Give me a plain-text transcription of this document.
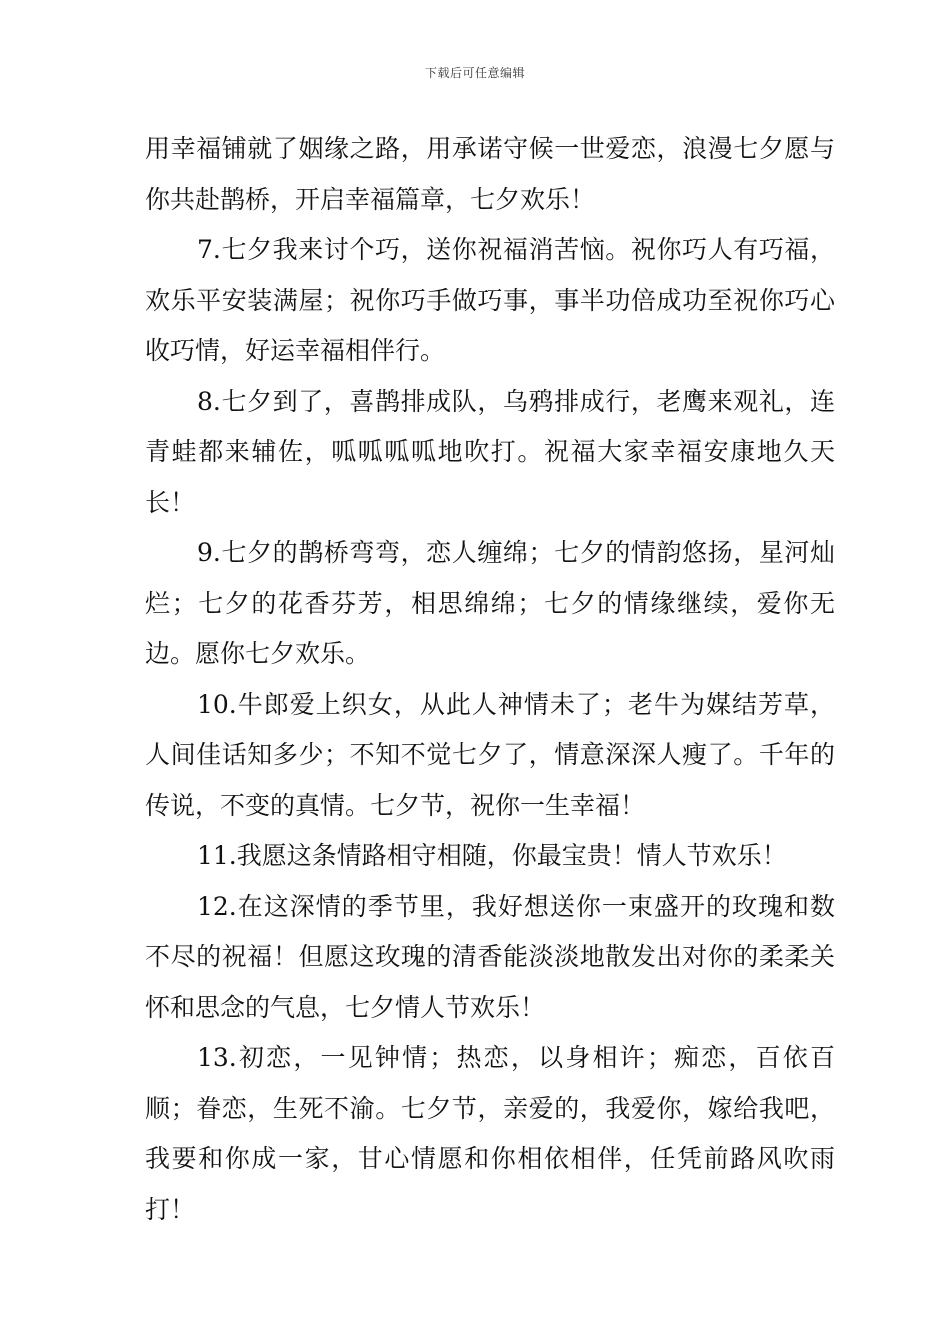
下载后可任意编辑

用幸福铺就了姻缘之路，用承诺守候一世爱恋，浪漫七夕愿与你共赴鹊桥，开启幸福篇章，七夕欢乐！

7.七夕我来讨个巧，送你祝福消苦恼。祝你巧人有巧福，欢乐平安装满屋；祝你巧手做巧事，事半功倍成功至祝你巧心收巧情，好运幸福相伴行。

8.七夕到了，喜鹊排成队，乌鸦排成行，老鹰来观礼，连青蛙都来辅佐，呱呱呱呱地吹打。祝福大家幸福安康地久天长！

9.七夕的鹊桥弯弯，恋人缠绵；七夕的情韵悠扬，星河灿烂；七夕的花香芬芳，相思绵绵；七夕的情缘继续，爱你无边。愿你七夕欢乐。

10.牛郎爱上织女，从此人神情未了；老牛为媒结芳草，人间佳话知多少；不知不觉七夕了，情意深深人瘦了。千年的传说，不变的真情。七夕节，祝你一生幸福！

11.我愿这条情路相守相随，你最宝贵！情人节欢乐！

12.在这深情的季节里，我好想送你一束盛开的玫瑰和数不尽的祝福！但愿这玫瑰的清香能淡淡地散发出对你的柔柔关怀和思念的气息，七夕情人节欢乐！

13.初恋，一见钟情；热恋，以身相许；痴恋，百依百顺；眷恋，生死不渝。七夕节，亲爱的，我爱你，嫁给我吧，我要和你成一家，甘心情愿和你相依相伴，任凭前路风吹雨打！
